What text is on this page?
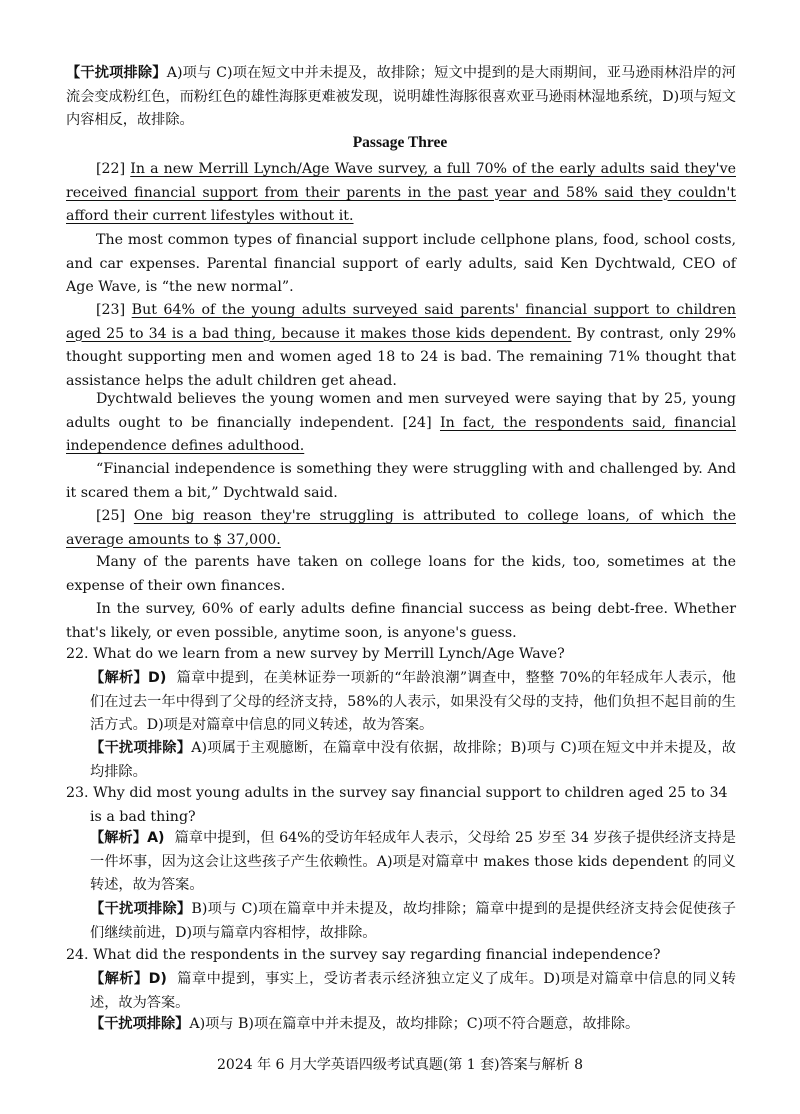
【干扰项排除】A)项与 C)项在短文中并未提及，故排除；短文中提到的是大雨期间，亚马逊雨林沿岸的河流会变成粉红色，而粉红色的雄性海豚更难被发现，说明雄性海豚很喜欢亚马逊雨林湿地系统，D)项与短文内容相反，故排除。
Passage Three
[22] In a new Merrill Lynch/Age Wave survey, a full 70% of the early adults said they've received financial support from their parents in the past year and 58% said they couldn't afford their current lifestyles without it.
The most common types of financial support include cellphone plans, food, school costs, and car expenses. Parental financial support of early adults, said Ken Dychtwald, CEO of Age Wave, is “the new normal”.
[23] But 64% of the young adults surveyed said parents' financial support to children aged 25 to 34 is a bad thing, because it makes those kids dependent. By contrast, only 29% thought supporting men and women aged 18 to 24 is bad. The remaining 71% thought that assistance helps the adult children get ahead.
Dychtwald believes the young women and men surveyed were saying that by 25, young adults ought to be financially independent. [24] In fact, the respondents said, financial independence defines adulthood.
“Financial independence is something they were struggling with and challenged by. And it scared them a bit,” Dychtwald said.
[25] One big reason they're struggling is attributed to college loans, of which the average amounts to $ 37,000.
Many of the parents have taken on college loans for the kids, too, sometimes at the expense of their own finances.
In the survey, 60% of early adults define financial success as being debt-free. Whether that's likely, or even possible, anytime soon, is anyone's guess.
22. What do we learn from a new survey by Merrill Lynch/Age Wave?
【解析】D) 篇章中提到，在美林证券一项新的“年龄浪潮”调查中，整整 70%的年轻成年人表示，他们在过去一年中得到了父母的经济支持，58%的人表示，如果没有父母的支持，他们负担不起目前的生活方式。D)项是对篇章中信息的同义转述，故为答案。
【干扰项排除】A)项属于主观臆断，在篇章中没有依据，故排除；B)项与 C)项在短文中并未提及，故均排除。
23. Why did most young adults in the survey say financial support to children aged 25 to 34 is a bad thing?
【解析】A) 篇章中提到，但 64%的受访年轻成年人表示，父母给 25 岁至 34 岁孩子提供经济支持是一件坏事，因为这会让这些孩子产生依赖性。A)项是对篇章中 makes those kids dependent 的同义转述，故为答案。
【干扰项排除】B)项与 C)项在篇章中并未提及，故均排除；篇章中提到的是提供经济支持会促使孩子们继续前进，D)项与篇章内容相悖，故排除。
24. What did the respondents in the survey say regarding financial independence?
【解析】D) 篇章中提到，事实上，受访者表示经济独立定义了成年。D)项是对篇章中信息的同义转述，故为答案。
【干扰项排除】A)项与 B)项在篇章中并未提及，故均排除；C)项不符合题意，故排除。
2024 年 6 月大学英语四级考试真题(第 1 套)答案与解析 8
